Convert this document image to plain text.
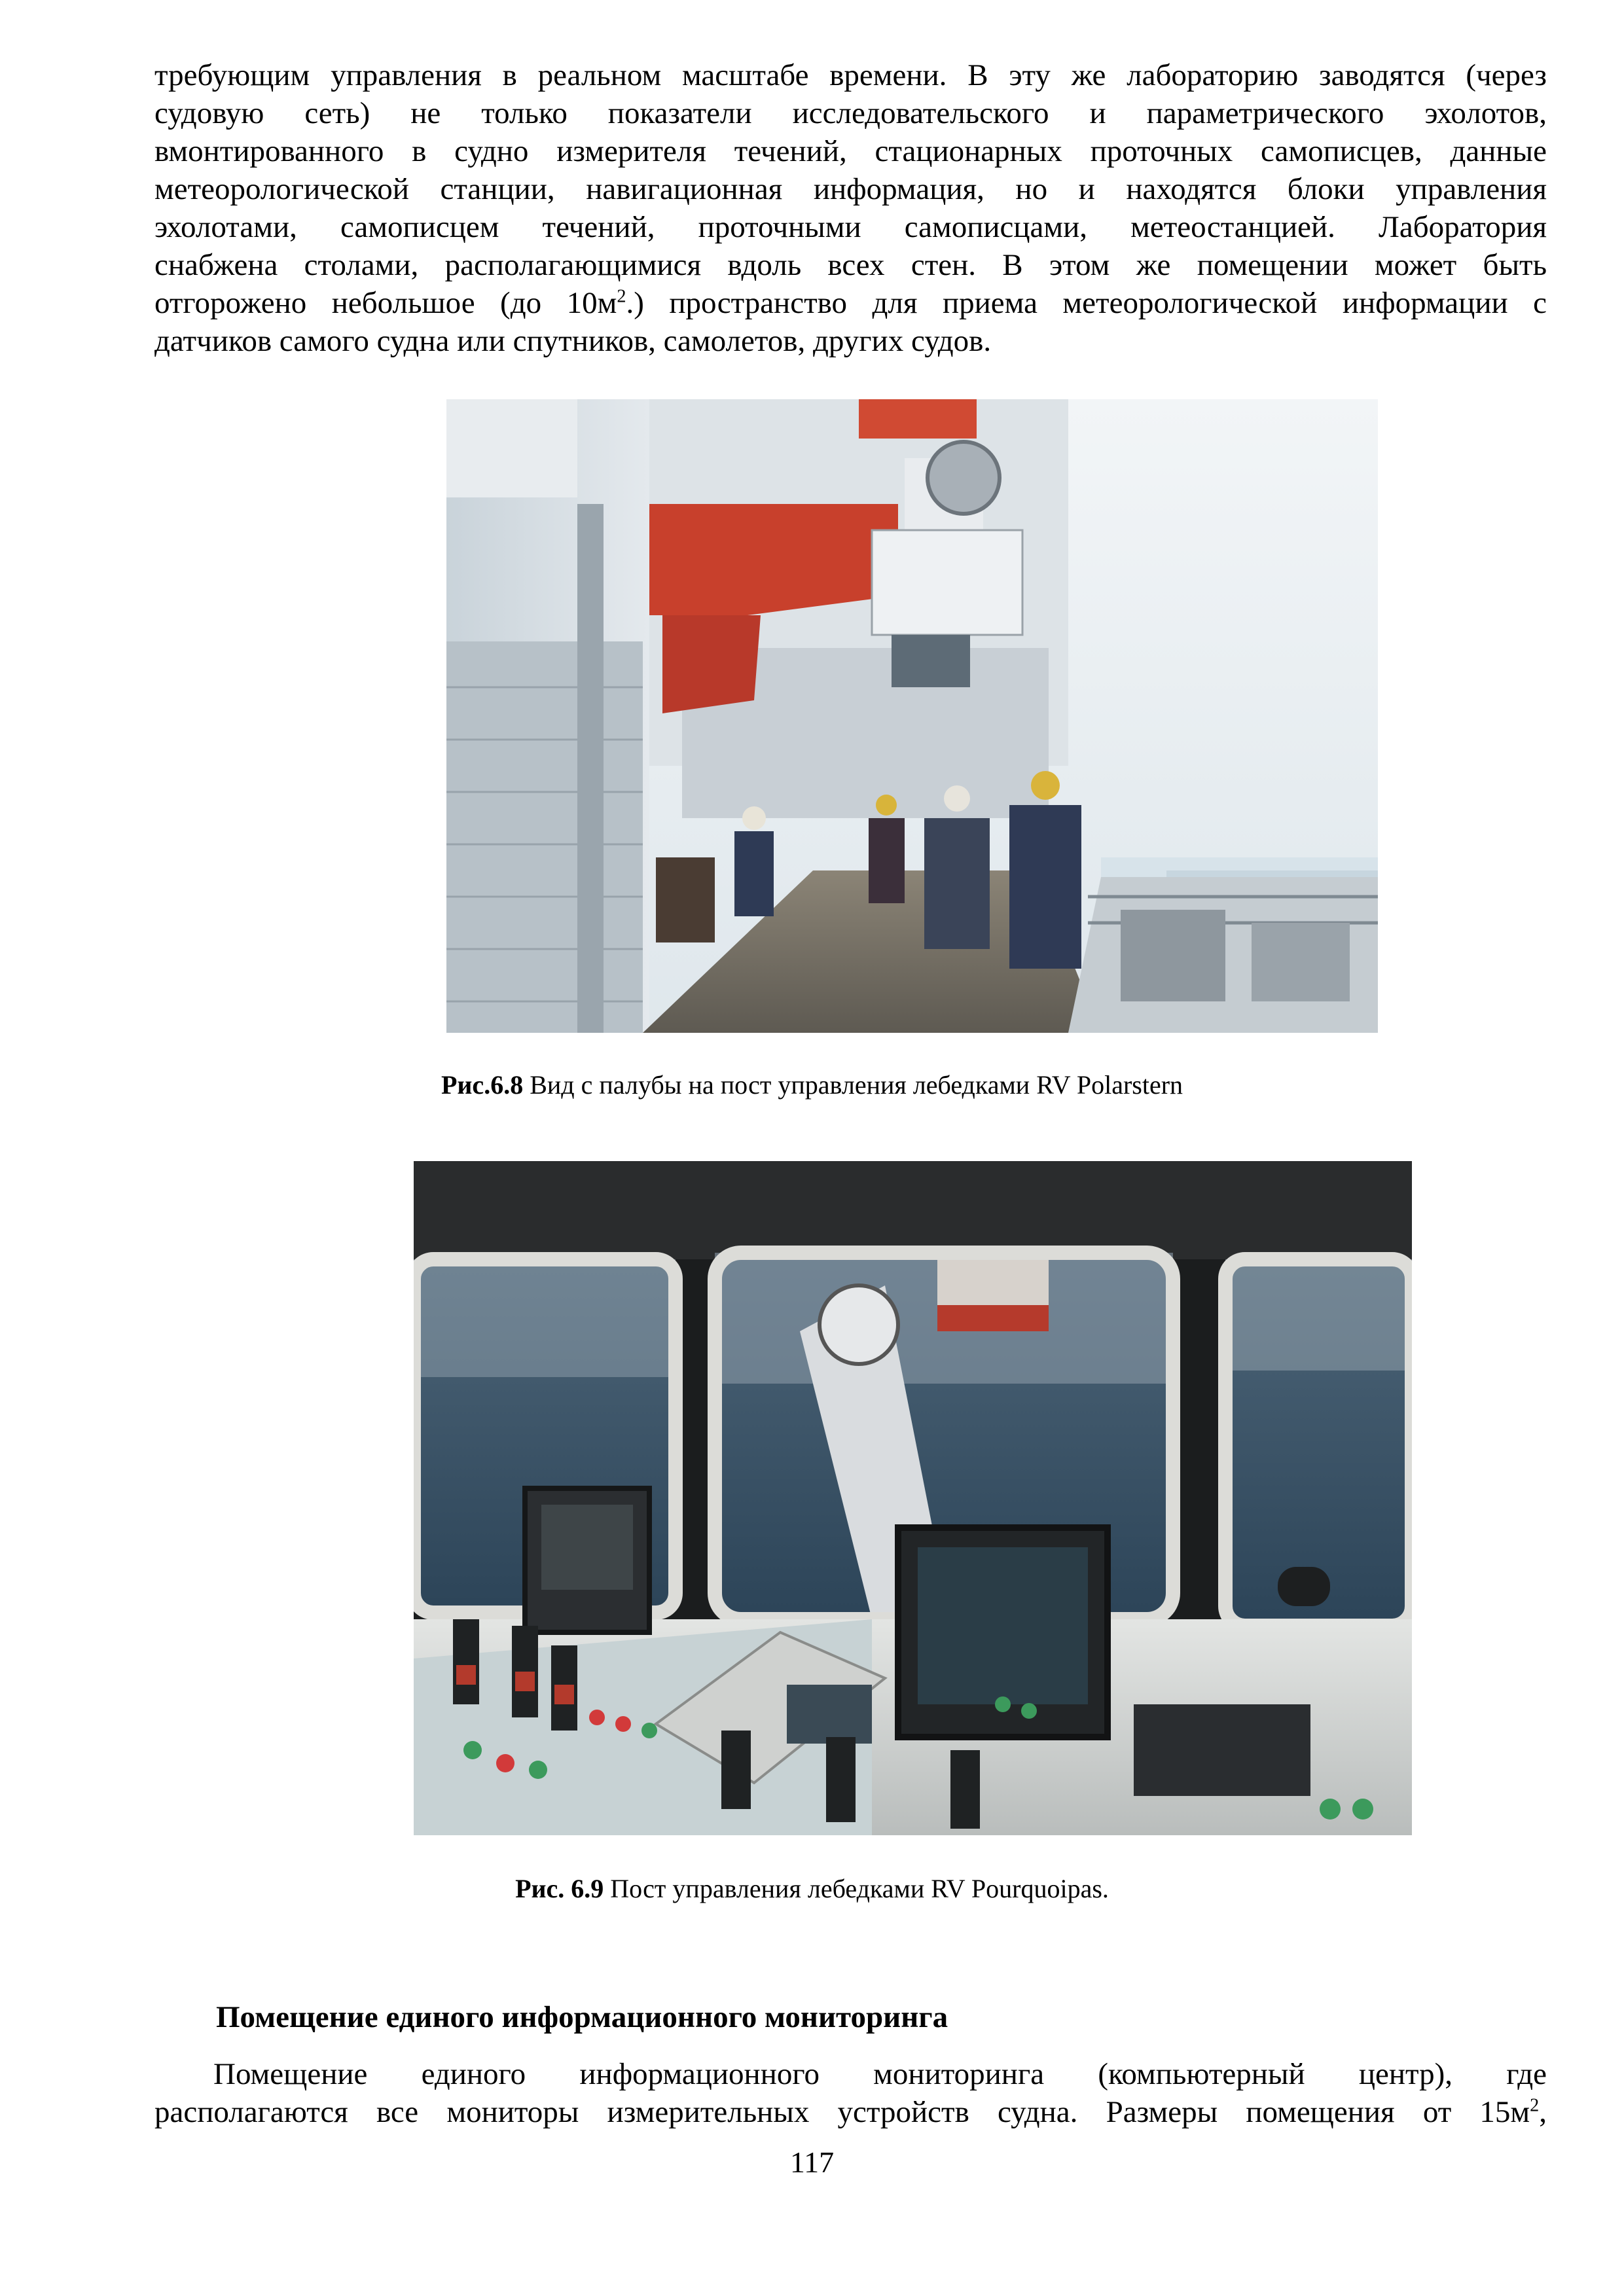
требующим управления в реальном масштабе времени. В эту же лабораторию заводятся (через
судовую сеть) не только показатели исследовательского и параметрического эхолотов,
вмонтированного в судно измерителя течений, стационарных проточных самописцев, данные
метеорологической станции, навигационная информация, но и находятся блоки управления
эхолотами, самописцем течений, проточными самописцами, метеостанцией. Лаборатория
снабжена столами, располагающимися вдоль всех стен. В этом же помещении может быть
отгорожено небольшое (до $10м^2$.) пространство для приема метеорологической информации с
датчиков самого судна или спутников, самолетов, других судов.
Рис.6.8 Вид с палубы на пост управления лебедками RV Polarstern
Рис. 6.9 Пост управления лебедками RV Pourquoipas.
Помещение единого информационного мониторинга
Помещение единого информационного мониторинга (компьютерный центр), где
располагаются все мониторы измерительных устройств судна. Размеры помещения от $15м^2$,
117
